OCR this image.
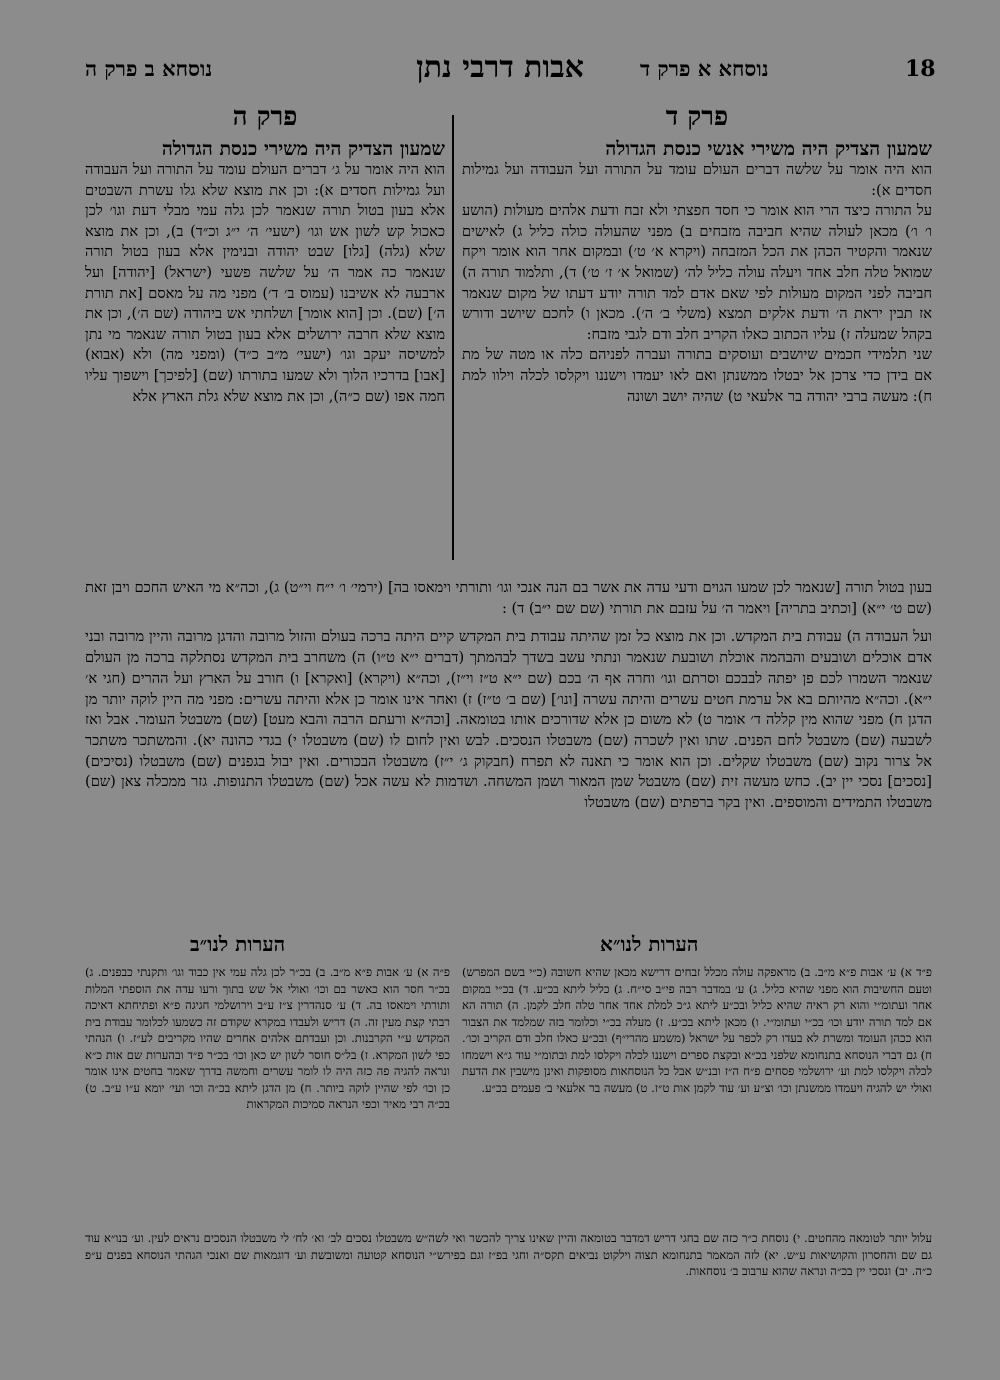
18
נוסחא ב פרק ה	אבות דרבי נתן	נוסחא א פרק ד
פרק ד

שמעון הצדיק היה משירי אנשי כנסת הגדולה

הוא היה אומר על שלשה דברים העולם עומד על התורה ועל העבודה ועל גמילות חסדים א):

על התורה כיצד הרי הוא אומר כי חסד חפצתי ולא זבח ודעת אלהים מעולות (הושע ו׳ ו׳) מכאן לעולה שהיא חביבה מזבחים ב) מפני שהעולה כולה כליל ג) לאישים שנאמר והקטיר הכהן את הכל המזבחה (ויקרא א׳ ט׳) ובמקום אחר הוא אומר ויקח שמואל טלה חלב אחד ויעלה עולה כליל לה׳ (שמואל א׳ ז׳ ט׳) ד), ותלמוד תורה ה) חביבה לפני המקום מעולות לפי שאם אדם למד תורה יודע דעתו של מקום שנאמר אז תבין יראת ה׳ ודעת אלקים תמצא (משלי ב׳ ה׳). מכאן ו) לחכם שיושב ודורש בקהל שמעלה ז) עליו הכתוב כאלו הקריב חלב ודם לגבי מזבח:

שני תלמידי חכמים שיושבים ועוסקים בתורה ועברה לפניהם כלה או מטה של מת אם בידן כדי צרכן אל יבטלו ממשנתן ואם לאו יעמדו וישננו ויקלסו לכלה וילוו למת ח): מעשה ברבי יהודה בר אלעאי ט) שהיה יושב ושונה

פרק ה

שמעון הצדיק היה משירי כנסת הגדולה

הוא היה אומר על ג׳ דברים העולם עומד על התורה ועל העבודה ועל גמילות חסדים א): וכן את מוצא שלא גלו עשרת השבטים אלא בעון בטול תורה שנאמר לכן גלה עמי מבלי דעת וגו׳ לכן כאכול קש לשון אש וגו׳ (ישעי׳ ה׳ י״ג וכ״ד) ב), וכן את מוצא שלא (גלה) [גלו] שבט יהודה ובנימין אלא בעון בטול תורה שנאמר כה אמר ה׳ על שלשה פשעי (ישראל) [יהודה] ועל ארבעה לא אשיבנו (עמוס ב׳ ד׳) מפני מה על מאסם [את תורת ה׳] (שם). וכן [הוא אומר] ושלחתי אש ביהודה (שם ה׳), וכן את מוצא שלא חרבה ירושלים אלא בעון בטול תורה שנאמר מי נתן למשיסה יעקב וגו׳ (ישעי׳ מ״ב כ״ד) (ומפני מה) ולא (אבוא) [אבו] בדרכיו הלוך ולא שמעו בתורתו (שם) [לפיכך] וישפוך עליו חמה אפו (שם כ״ה), וכן את מוצא שלא גלת הארץ אלא

בעון בטול תורה [שנאמר לכן שמעו הגוים ודעי עדה את אשר בם הנה אנכי וגו׳ ותורתי וימאסו בה] (ירמי׳ ו׳ י״ח וי״ט) ג), וכה״א מי האיש החכם ויבן זאת (שם ט׳ י״א) [וכתיב בתריה] ויאמר ה׳ על עזבם את תורתי (שם שם י״ב) ד) :

ועל העבודה ה) עבודת בית המקדש. וכן את מוצא כל זמן שהיתה עבודת בית המקדש קיים היתה ברכה בעולם והזול מרובה והדגן מרובה והיין מרובה ובני אדם אוכלים ושובעים והבהמה אוכלת ושובעת שנאמר ונתתי עשב בשדך לבהמתך (דברים י״א ט״ו) ה) משחרב בית המקדש נסתלקה ברכה מן העולם שנאמר השמרו לכם פן יפתה לבבכם וסרתם וגו׳ וחרה אף ה׳ בכם (שם י״א ט״ז וי״ז), וכה״א (ויקרא) [ואקרא] ו) חורב על הארץ ועל ההרים (חגי א׳ י״א). וכה״א מהיותם בא אל ערמת חטים עשרים והיתה עשרה [ונו׳] (שם ב׳ ט״ז) ז) ואחר אינו אומר כן אלא והיתה עשרים: מפני מה היין לוקה יותר מן הדגן ח) מפני שהוא מין קללה ד׳ אומר ט) לא משום כן אלא שדורכים אותו בטומאה. [וכה״א ורעתם הרבה והבא מעט] (שם) משבטל העומר. אבל ואז לשבעה (שם) משבטל לחם הפנים. שתו ואין לשכרה (שם) משבטלו הנסכים. לבש ואין לחום לו (שם) משבטלו י) בגדי כהונה יא). והמשתכר משתכר אל צרור נקוב (שם) משבטלו שקלים. וכן הוא אומר כי תאנה לא תפרח (חבקוק ג׳ י״ז) משבטלו הבכורים. ואין יבול בגפנים (שם) משבטלו (נסיכים) [נסכים] נסכי יין יב). כחש מעשה זית (שם) משבטל שמן המאור ושמן המשחה. ושדמות לא עשה אכל (שם) משבטלו התנופות. גזר ממכלה צאן (שם) משבטלו התמידים והמוספים. ואין בקר ברפתים (שם) משבטלו

הערות לנו״א
הערות לנו״ב
פ״ד א) ע׳ אבות פ״א מ״ב. ב) מראפקה עולה מכלל זבחים דרישא מכאן שהיא חשובה (כ״י בשם המפרש) וטעם החשיבות הוא מפני שהיא כליל. ג) ע׳ במדבר רבה פי״ב סי״ח. ג) כליל ליתא בכ״ע. ד) בכ״י במקום אחר ועתומ״י והוא רק ראיה שהיא כליל ובכ״ע ליתא ג״כ למלת אחד אחר טלה חלב לקמן. ה) תורה הא אם למד תורה יודע וכו׳ בכ״י ועתומ״י. ו) מכאן ליתא בכ״ע. ז) מעלה בכ״י וכלומר בזה שמלמד את הצבור הוא ככהן העומד ומשרת לא בעדו רק לכפר על ישראל (משמע מהרי״ף) ובכ״ע כאלו חלב ודם הקריב וכו׳. ח) גם דברי הנוסחא בתנחומא שלפני בכ״א ובקצת ספרים וישננו לכלה ויקלסו למת ובתומ״י עוד ג״א וישמחו לכלה ויקלסו למת וע׳ ירושלמי פסחים פ״ח ה״ז ובנ״ש אבל כל הנוסחאות מסופקות ואינן מישבין את הדעת ואולי יש להגיה ויעמדו ממשנתן וכו׳ וצ״ע וע׳ עוד לקמן אות ט״ז. ט) מעשה בר אלעאי ב׳ פעמים בכ״ע.
פ״ה א) ע׳ אבות פ״א מ״ב. ב) בכ״ר לכן גלה עמי אין כבוד וגו׳ ותקנתי כבפנים. ג) בכ״ר חסר הוא כאשר בם וכו׳ ואולי אל שש בתוך ורעו עדה את הוספתי המלות ותורתי וימאסו בה. ד) ע׳ סנהדרין צ״ז ע״ב וירושלמי חגיגה פ״א ופתיחתא דאיכה רבתי קצת מעין זה. ה) דריש ולעבדו במקרא שקודם זה כשמעו לכלומר עבודת בית המקדש ע״י הקרבנות. וכן ועבדתם אלהים אחרים שהיו מקריבים לע״ז. ו) הנהתי כפי לשון המקרא. ז) בל״ס חוסר לשון יש כאן וכו׳ בכ״ר פ״ד ובהערות שם אות כ״א ונראה להגיה פה כזה היה לו לומר עשרים וחמשה בדרך שאמר בחטים אינו אומר כן וכו׳ לפי שהיין לוקה ביותר. ח) מן הדגן ליתא בכ״ה וכו׳ ועי׳ יומא ע״ו ע״ב. ט) בכ״ה רבי מאיר וכפי הנראה סמיכות המקראות
עלול יותר לטומאה מהחטים. י) נוסחת כ״ר כזה שם בחגי דריש דמדבר בטומאה והיין שאינו צריך להכשר ואי לשה״ש משבטלו נסכים לב׳ וא׳ לח׳ לי משבטלו הנסכים נראים לעין. וע׳ בנו״א עוד גם שם והחסרון והקושיאות ע״ש. יא) לזה המאמר בתנחומא תצוה וילקוט נביאים תקס״ה וחגי בפ״ז וגם בפירש״י הנוסחא קטועה ומשובשת וע׳ דוגמאות שם ואנכי הגהתי הנוסחא בפנים ע״פ כ״ה. יב) ונסכי יין בכ״ה ונראה שהוא ערבוב ב׳ נוסחאות.
